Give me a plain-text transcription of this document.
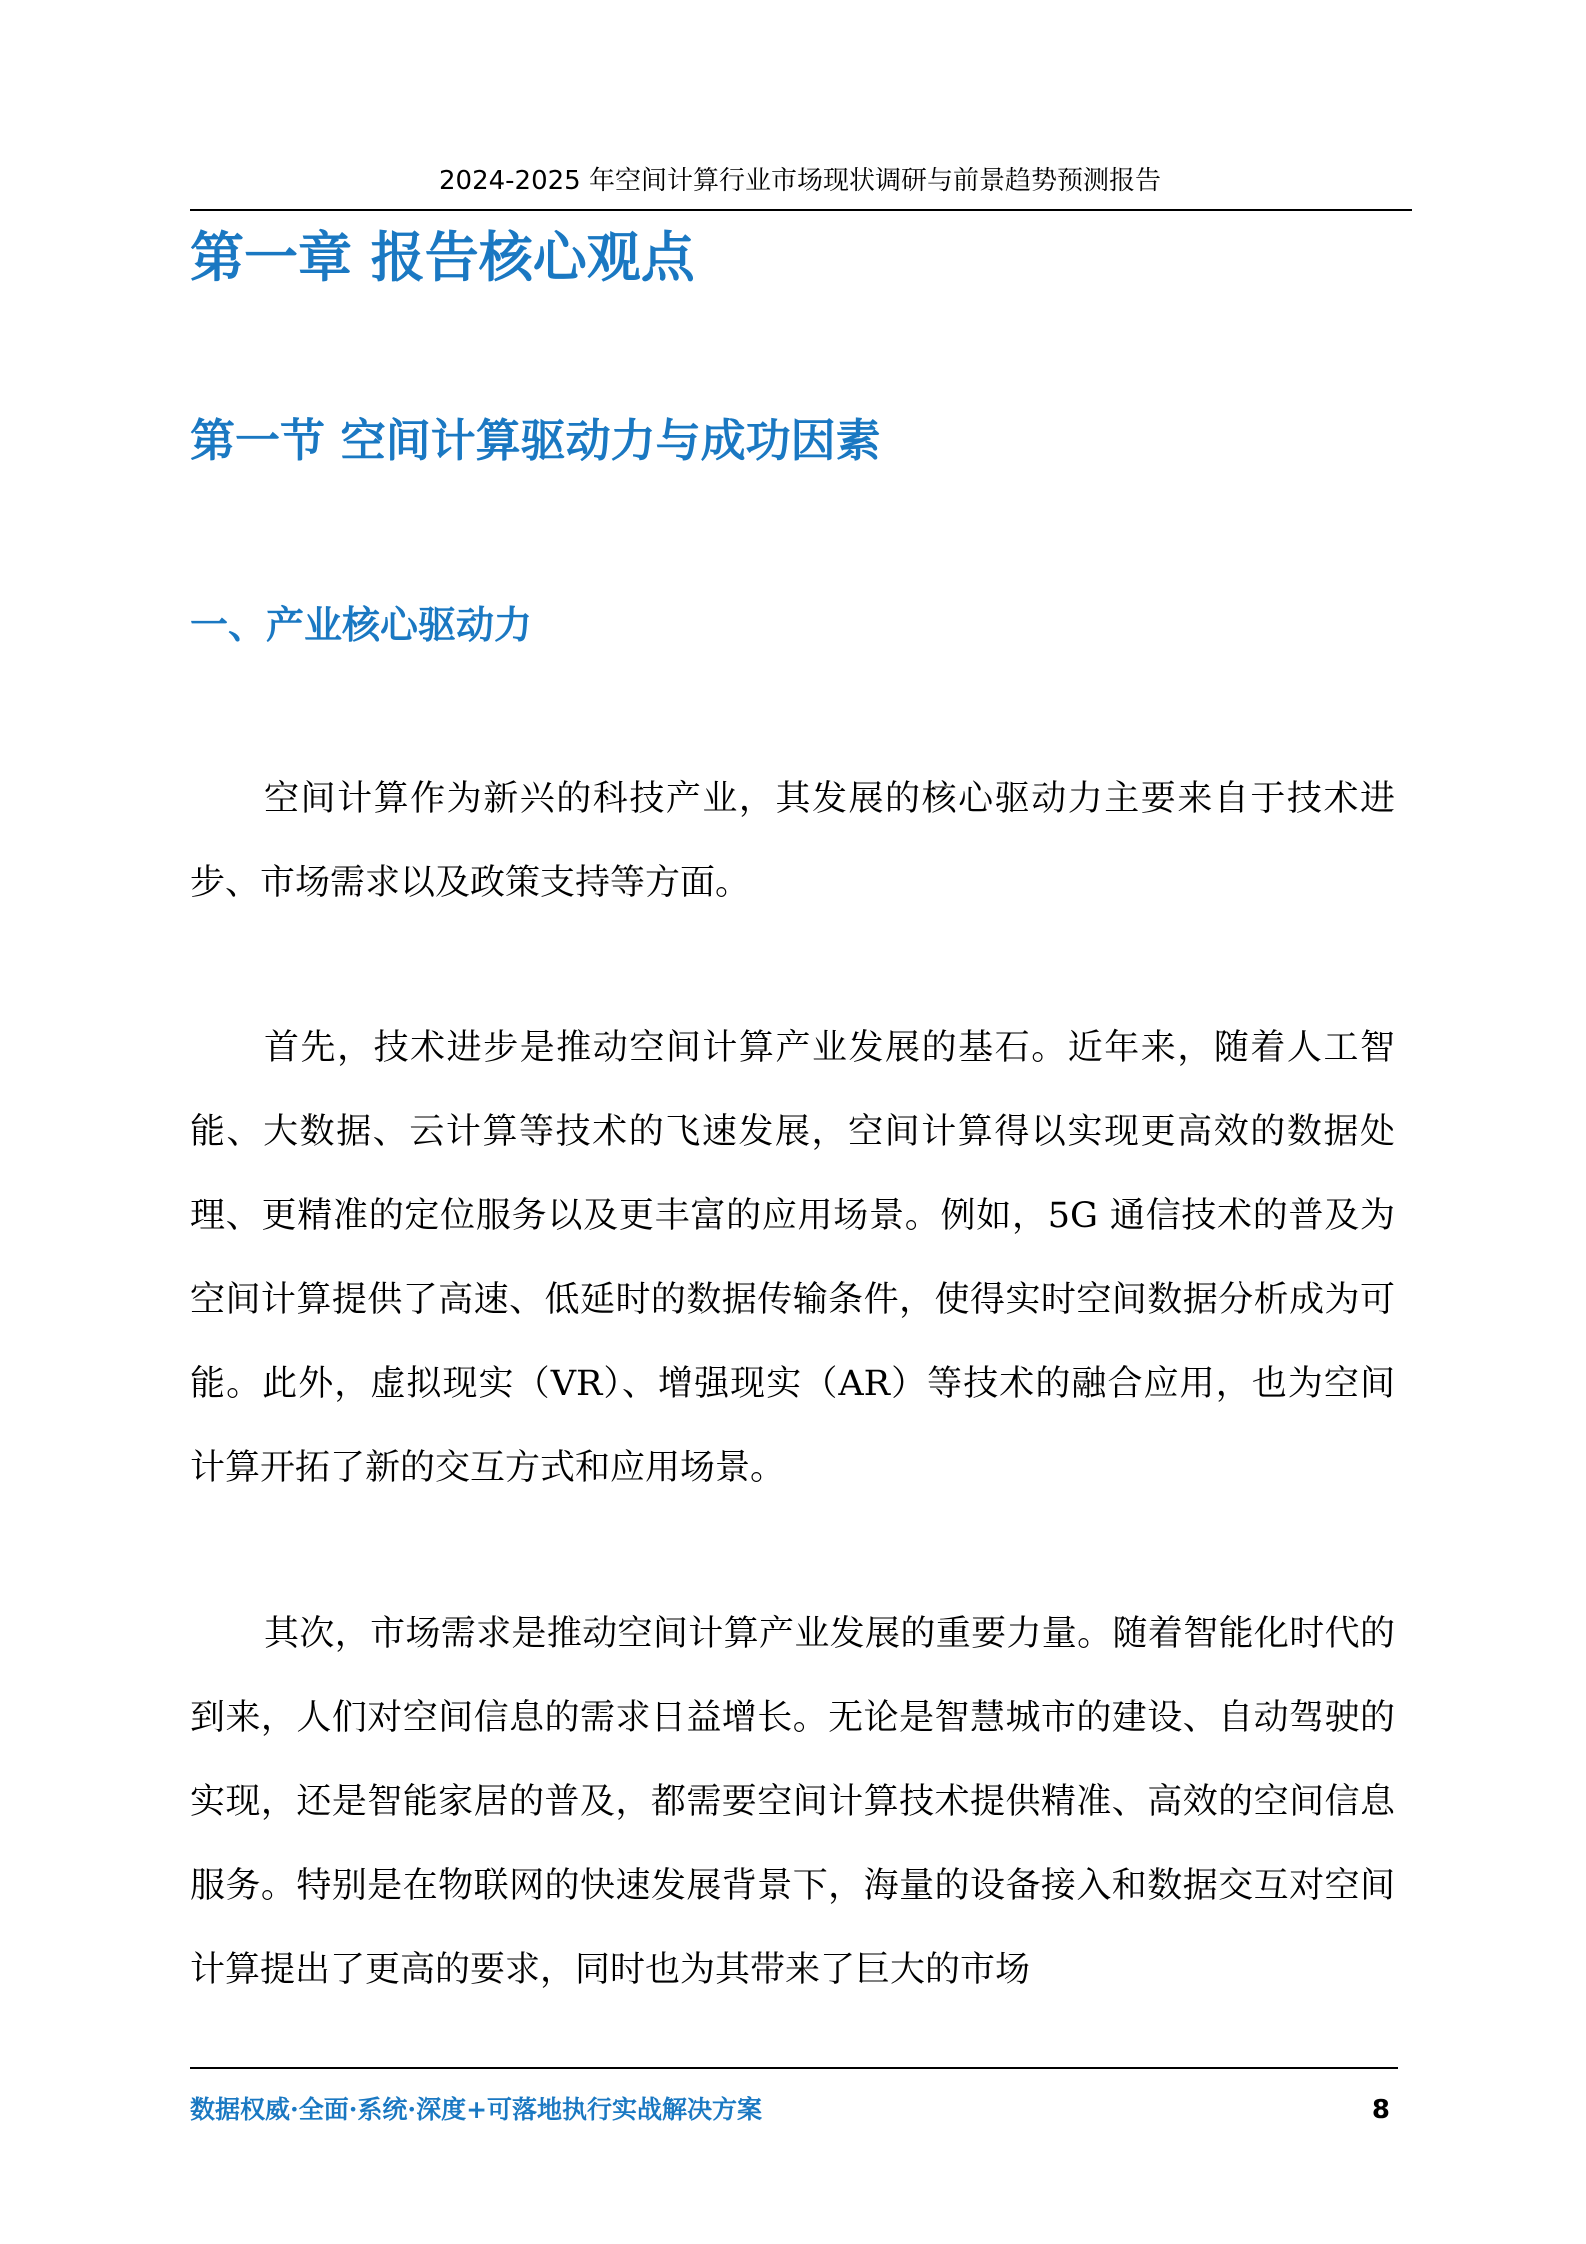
2024-2025 年空间计算行业市场现状调研与前景趋势预测报告
第一章 报告核心观点
第一节 空间计算驱动力与成功因素
一、产业核心驱动力

空间计算作为新兴的科技产业，其发展的核心驱动力主要来自于技术进步、市场需求以及政策支持等方面。

首先，技术进步是推动空间计算产业发展的基石。近年来，随着人工智能、大数据、云计算等技术的飞速发展，空间计算得以实现更高效的数据处理、更精准的定位服务以及更丰富的应用场景。例如，5G 通信技术的普及为空间计算提供了高速、低延时的数据传输条件，使得实时空间数据分析成为可能。此外，虚拟现实（VR）、增强现实（AR）等技术的融合应用，也为空间计算开拓了新的交互方式和应用场景。

其次，市场需求是推动空间计算产业发展的重要力量。随着智能化时代的到来，人们对空间信息的需求日益增长。无论是智慧城市的建设、自动驾驶的实现，还是智能家居的普及，都需要空间计算技术提供精准、高效的空间信息服务。特别是在物联网的快速发展背景下，海量的设备接入和数据交互对空间计算提出了更高的要求，同时也为其带来了巨大的市场

数据权威·全面·系统·深度+可落地执行实战解决方案	8
